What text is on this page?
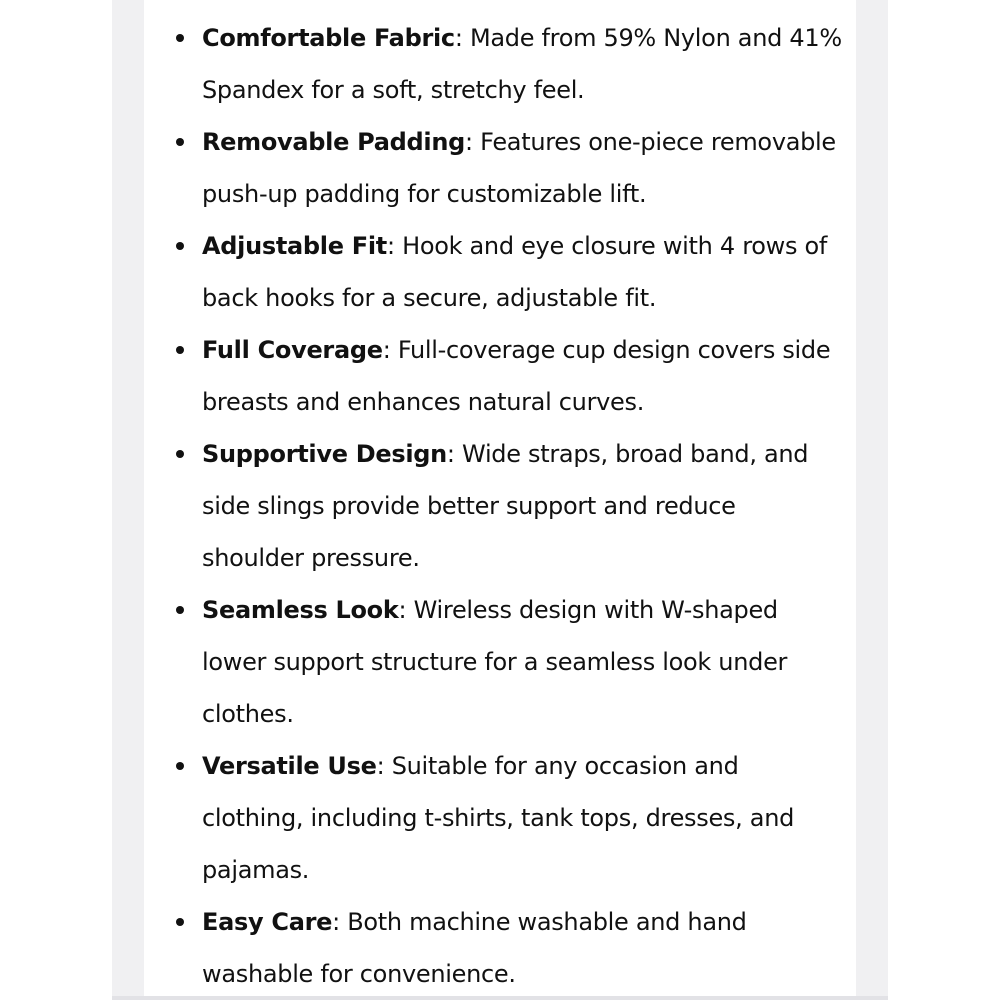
Comfortable Fabric: Made from 59% Nylon and 41% Spandex for a soft, stretchy feel.
Removable Padding: Features one-piece removable push-up padding for customizable lift.
Adjustable Fit: Hook and eye closure with 4 rows of back hooks for a secure, adjustable fit.
Full Coverage: Full-coverage cup design covers side breasts and enhances natural curves.
Supportive Design: Wide straps, broad band, and side slings provide better support and reduce shoulder pressure.
Seamless Look: Wireless design with W-shaped lower support structure for a seamless look under clothes.
Versatile Use: Suitable for any occasion and clothing, including t-shirts, tank tops, dresses, and pajamas.
Easy Care: Both machine washable and hand washable for convenience.
